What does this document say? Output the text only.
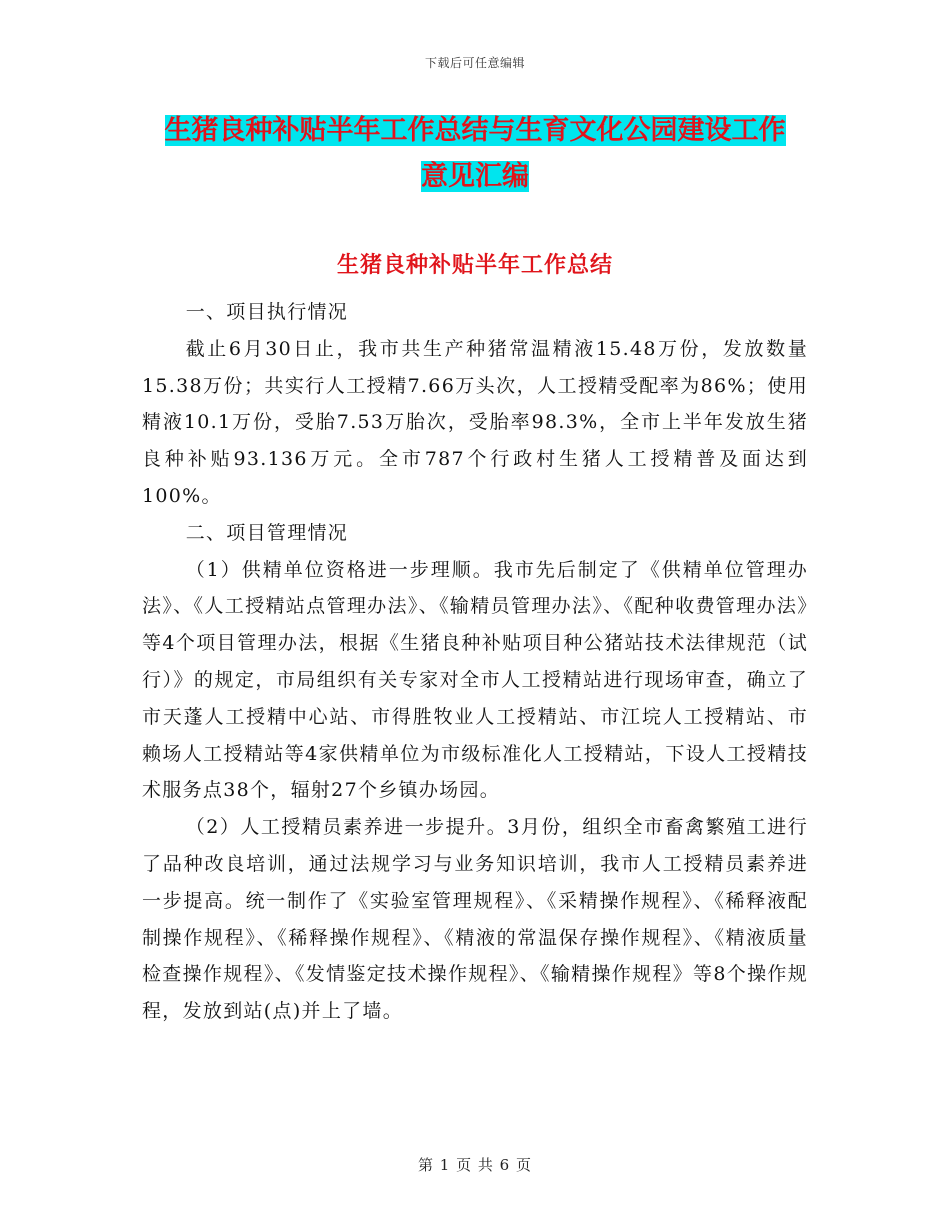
下载后可任意编辑
生猪良种补贴半年工作总结与生育文化公园建设工作
意见汇编
生猪良种补贴半年工作总结

一、项目执行情况

截止6月30日止，我市共生产种猪常温精液15.48万份，发放数量15.38万份；共实行人工授精7.66万头次，人工授精受配率为86%；使用精液10.1万份，受胎7.53万胎次，受胎率98.3%，全市上半年发放生猪良种补贴93.136万元。全市787个行政村生猪人工授精普及面达到100%。

二、项目管理情况

（1）供精单位资格进一步理顺。我市先后制定了《供精单位管理办法》、《人工授精站点管理办法》、《输精员管理办法》、《配种收费管理办法》等4个项目管理办法，根据《生猪良种补贴项目种公猪站技术法律规范（试行）》的规定，市局组织有关专家对全市人工授精站进行现场审查，确立了市天蓬人工授精中心站、市得胜牧业人工授精站、市江垸人工授精站、市赖场人工授精站等4家供精单位为市级标准化人工授精站，下设人工授精技术服务点38个，辐射27个乡镇办场园。

（2）人工授精员素养进一步提升。3月份，组织全市畜禽繁殖工进行了品种改良培训，通过法规学习与业务知识培训，我市人工授精员素养进一步提高。统一制作了《实验室管理规程》、《采精操作规程》、《稀释液配制操作规程》、《稀释操作规程》、《精液的常温保存操作规程》、《精液质量检查操作规程》、《发情鉴定技术操作规程》、《输精操作规程》等8个操作规程，发放到站(点)并上了墙。

第 1 页 共 6 页
